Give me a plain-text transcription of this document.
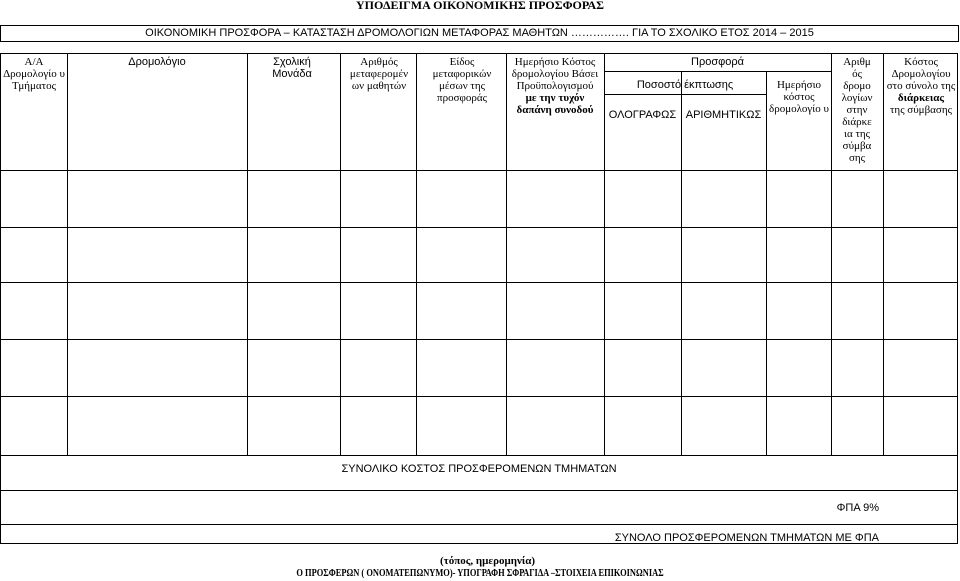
ΥΠΟΔΕΙΓΜΑ ΟΙΚΟΝΟΜΙΚΗΣ ΠΡΟΣΦΟΡΑΣ
ΟΙΚΟΝΟΜΙΚΗ ΠΡΟΣΦΟΡΑ – ΚΑΤΑΣΤΑΣΗ ΔΡΟΜΟΛΟΓΙΩΝ ΜΕΤΑΦΟΡΑΣ ΜΑΘΗΤΩΝ ……………. ΓΙΑ ΤΟ ΣΧΟΛΙΚΟ ΕΤΟΣ 2014 – 2015
Α/Α Δρομολογίο υ Τμήματος
Δρομολόγιο	Σχολική Μονάδα
Αριθμός μεταφερομέν ων μαθητών
Είδος μεταφορικών μέσων της προσφοράς
Ημερήσιο Κόστος δρομολογίου Βάσει Προϋπολογισμού
με την τυχόν δαπάνη συνοδού
Προσφορά
Ποσοστό έκπτωσης
ΟΛΟΓΡΑΦΩΣ ΑΡΙΘΜΗΤΙΚΩΣ
Ημερήσιο κόστος δρομολογίο υ
Αριθμ ός δρομο λογίων στην διάρκε ια της σύμβα σης
Κόστος Δρομολογίου στο σύνολο της
διάρκειας
της σύμβασης
ΣΥΝΟΛΙΚΟ ΚΟΣΤΟΣ ΠΡΟΣΦΕΡΟΜΕΝΩΝ ΤΜΗΜΑΤΩΝ
ΦΠΑ 9%
ΣΥΝΟΛΟ ΠΡΟΣΦΕΡΟΜΕΝΩΝ ΤΜΗΜΑΤΩΝ ΜΕ ΦΠΑ
(τόπος, ημερομηνία)
Ο ΠΡΟΣΦΕΡΩΝ ( ΟΝΟΜΑΤΕΠΩΝΥΜΟ)- ΥΠΟΓΡΑΦΗ ΣΦΡΑΓΙΔΑ –ΣΤΟΙΧΕΙΑ ΕΠΙΚΟΙΝΩΝΙΑΣ
